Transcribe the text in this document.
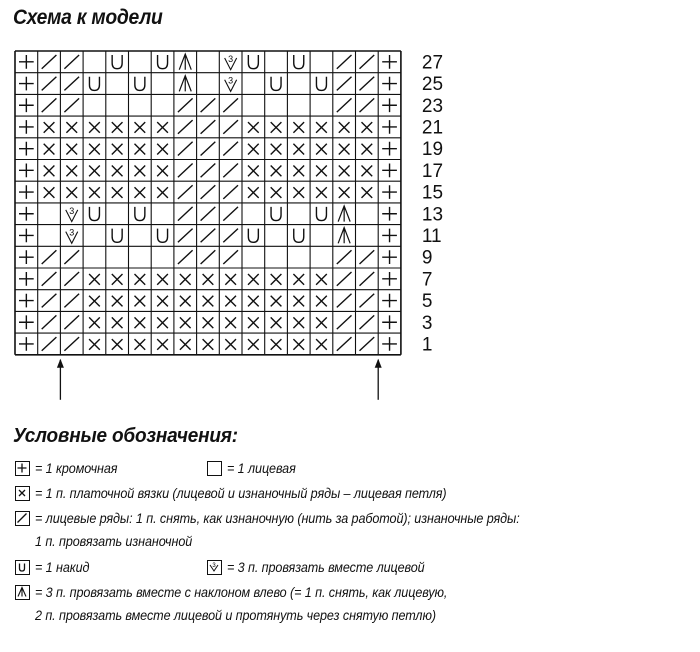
Схема к модели
3
3
3
3
27
25
23
21
19
17
15
13
11
9
7
5
3
1
Условные обозначения:
= 1 кромочная	= 1 лицевая
= 1 п. платочной вязки (лицевой и изнаночный ряды – лицевая петля)
= лицевые ряды: 1 п. снять, как изнаночную (нить за работой); изнаночные ряды:
1 п. провязать изнаночной
= 1 накид	3 = 3 п. провязать вместе лицевой
= 3 п. провязать вместе с наклоном влево (= 1 п. снять, как лицевую,
2 п. провязать вместе лицевой и протянуть через снятую петлю)
